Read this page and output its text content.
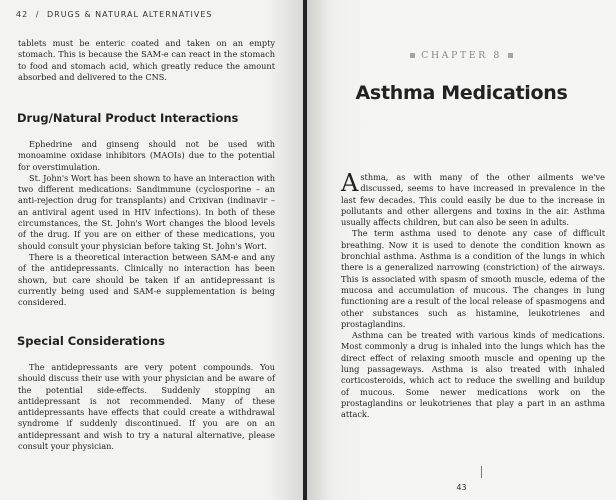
42 / DRUGS & NATURAL ALTERNATIVES

tablets must be enteric coated and taken on an empty stomach. This is because the SAM-e can react in the stomach to food and stomach acid, which greatly reduce the amount absorbed and delivered to the CNS.

Drug/Natural Product Interactions

Ephedrine and ginseng should not be used with monoamine oxidase inhibitors (MAOIs) due to the potential for overstimulation.

St. John's Wort has been shown to have an interaction with two different medications: Sandimmune (cyclosporine – an anti-rejection drug for transplants) and Crixivan (indinavir – an antiviral agent used in HIV infections). In both of these circumstances, the St. John's Wort changes the blood levels of the drug. If you are on either of these medications, you should consult your physician before taking St. John's Wort.

There is a theoretical interaction between SAM-e and any of the antidepressants. Clinically no interaction has been shown, but care should be taken if an antidepressant is currently being used and SAM-e supplementation is being considered.

Special Considerations

The antidepressants are very potent compounds. You should discuss their use with your physician and be aware of the potential side-effects. Suddenly stopping an antidepressant is not recommended. Many of these antidepressants have effects that could create a withdrawal syndrome if suddenly discontinued. If you are on an antidepressant and wish to try a natural alternative, please consult your physician.

CHAPTER 8
Asthma Medications

Asthma, as with many of the other ailments we've discussed, seems to have increased in prevalence in the last few decades. This could easily be due to the increase in pollutants and other allergens and toxins in the air. Asthma usually affects children, but can also be seen in adults.

The term asthma used to denote any case of difficult breathing. Now it is used to denote the condition known as bronchial asthma. Asthma is a condition of the lungs in which there is a generalized narrowing (constriction) of the airways. This is associated with spasm of smooth muscle, edema of the mucosa and accumulation of mucous. The changes in lung functioning are a result of the local release of spasmogens and other substances such as histamine, leukotrienes and prostaglandins.

Asthma can be treated with various kinds of medications. Most commonly a drug is inhaled into the lungs which has the direct effect of relaxing smooth muscle and opening up the lung passageways. Asthma is also treated with inhaled corticosteroids, which act to reduce the swelling and buildup of mucous. Some newer medications work on the prostaglandins or leukotrienes that play a part in an asthma attack.

43
